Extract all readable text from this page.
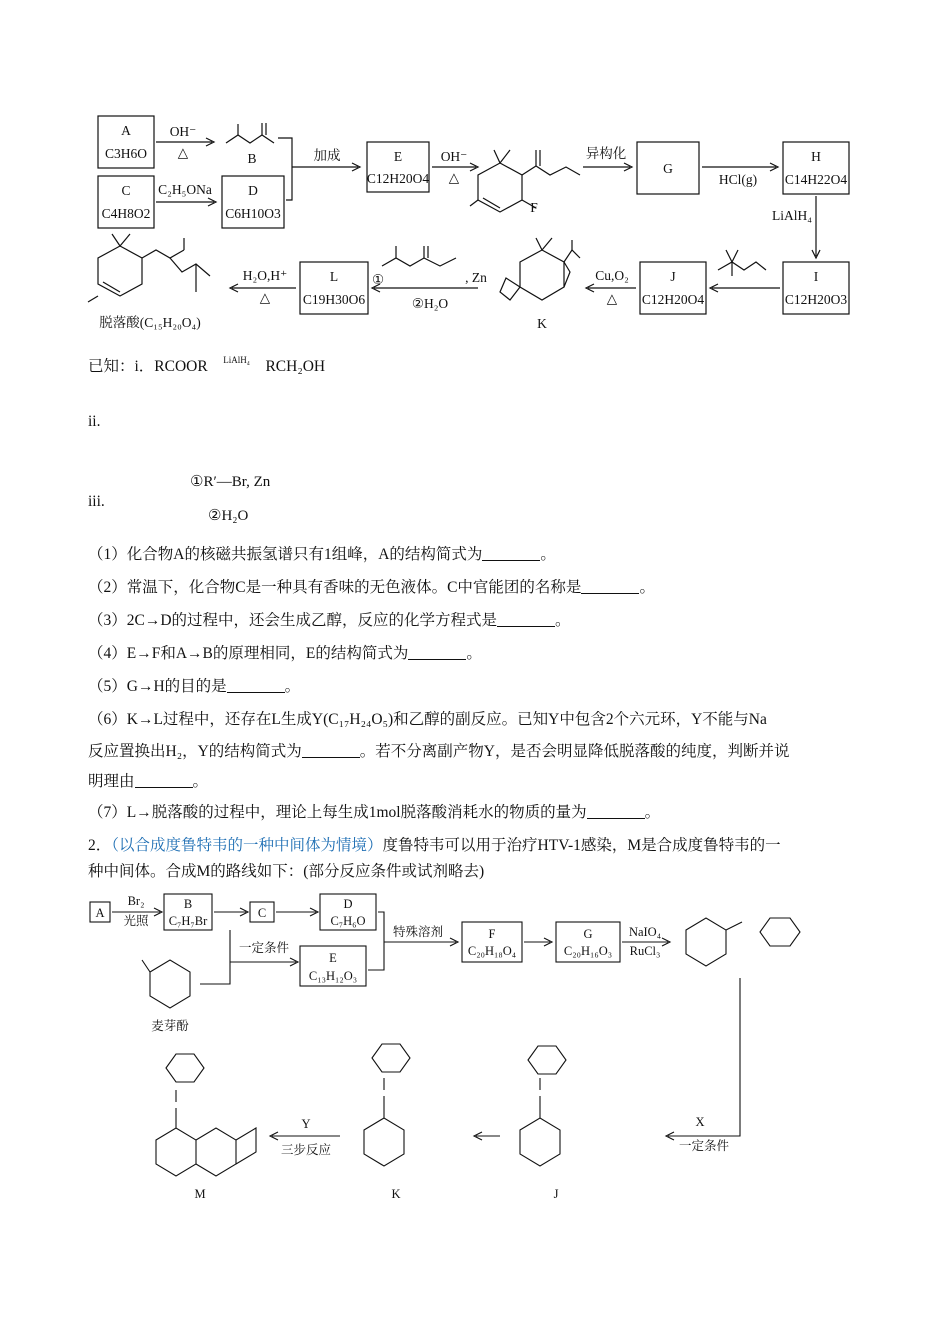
A
C3H6O
C
C4H8O2
D
C6H10O3
E
C12H20O4
G
H
C14H22O4
I
C12H20O3
J
C12H20O4
L
C19H30O6
OH⁻
△	B
C₂H₅ONa
加成	OH⁻
△
F
异构化
HCl(g)
LiAlH₄
Cu,O₂
△
K
①	, Zn
②H₂O
H₂O,H⁺
△
脱落酸(C₁₅H₂₀O₄)
已知：i．RCOOR LiAlH₄ RCH₂OH
ii.
iii.
①R′—Br, Zn
②H₂O
（1）化合物A的核磁共振氢谱只有1组峰，A的结构简式为	。
（2）常温下，化合物C是一种具有香味的无色液体。C中官能团的名称是	。
（3）2C→D的过程中，还会生成乙醇，反应的化学方程式是	。
（4）E→F和A→B的原理相同，E的结构简式为	。
（5）G→H的目的是	。
（6）K→L过程中，还存在L生成Y(C₁₇H₂₄O₅)和乙醇的副反应。已知Y中包含2个六元环，Y不能与Na
反应置换出H₂，Y的结构简式为	。若不分离副产物Y，是否会明显降低脱落酸的纯度，判断并说
明理由	。
（7）L→脱落酸的过程中，理论上每生成1mol脱落酸消耗水的物质的量为	。
2．（以合成度鲁特韦的一种中间体为情境）度鲁特韦可以用于治疗HTV-1感染，M是合成度鲁特韦的一
种中间体。合成M的路线如下：(部分反应条件或试剂略去)
A
Br₂
光照
B
C₇H₇Br
C
D
C₇H₆O
E
C₁₃H₁₂O₃
一定条件
麦芽酚
特殊溶剂	F
C₂₀H₁₈O₄
G
C₂₀H₁₆O₃
NaIO₄
RuCl₃
X
一定条件
Y
三步反应
M	K	J
